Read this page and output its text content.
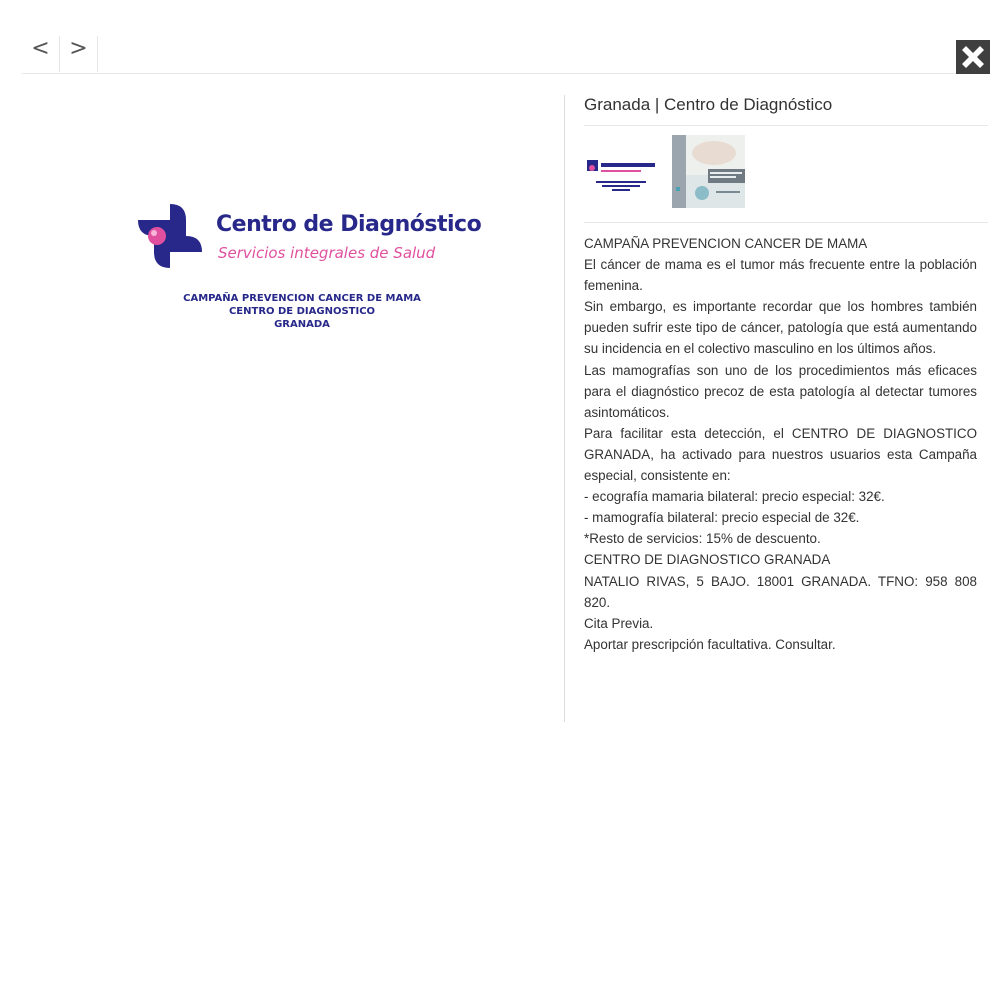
< >
Centro de Diagnóstico
Servicios integrales de Salud
CAMPAÑA PREVENCION CANCER DE MAMA
CENTRO DE DIAGNOSTICO
GRANADA
Granada | Centro de Diagnóstico

CAMPAÑA PREVENCION CANCER DE MAMA

El cáncer de mama es el tumor más frecuente entre la población femenina.

Sin embargo, es importante recordar que los hombres también pueden sufrir este tipo de cáncer, patología que está aumentando su incidencia en el colectivo masculino en los últimos años.

Las mamografías son uno de los procedimientos más eficaces para el diagnóstico precoz de esta patología al detectar tumores asintomáticos.

Para facilitar esta detección, el CENTRO DE DIAGNOSTICO GRANADA, ha activado para nuestros usuarios esta Campaña especial, consistente en:

- ecografía mamaria bilateral: precio especial: 32€.

- mamografía bilateral: precio especial de 32€.

*Resto de servicios: 15% de descuento.

CENTRO DE DIAGNOSTICO GRANADA

NATALIO RIVAS, 5 BAJO. 18001 GRANADA. TFNO: 958 808 820.

Cita Previa.

Aportar prescripción facultativa. Consultar.
